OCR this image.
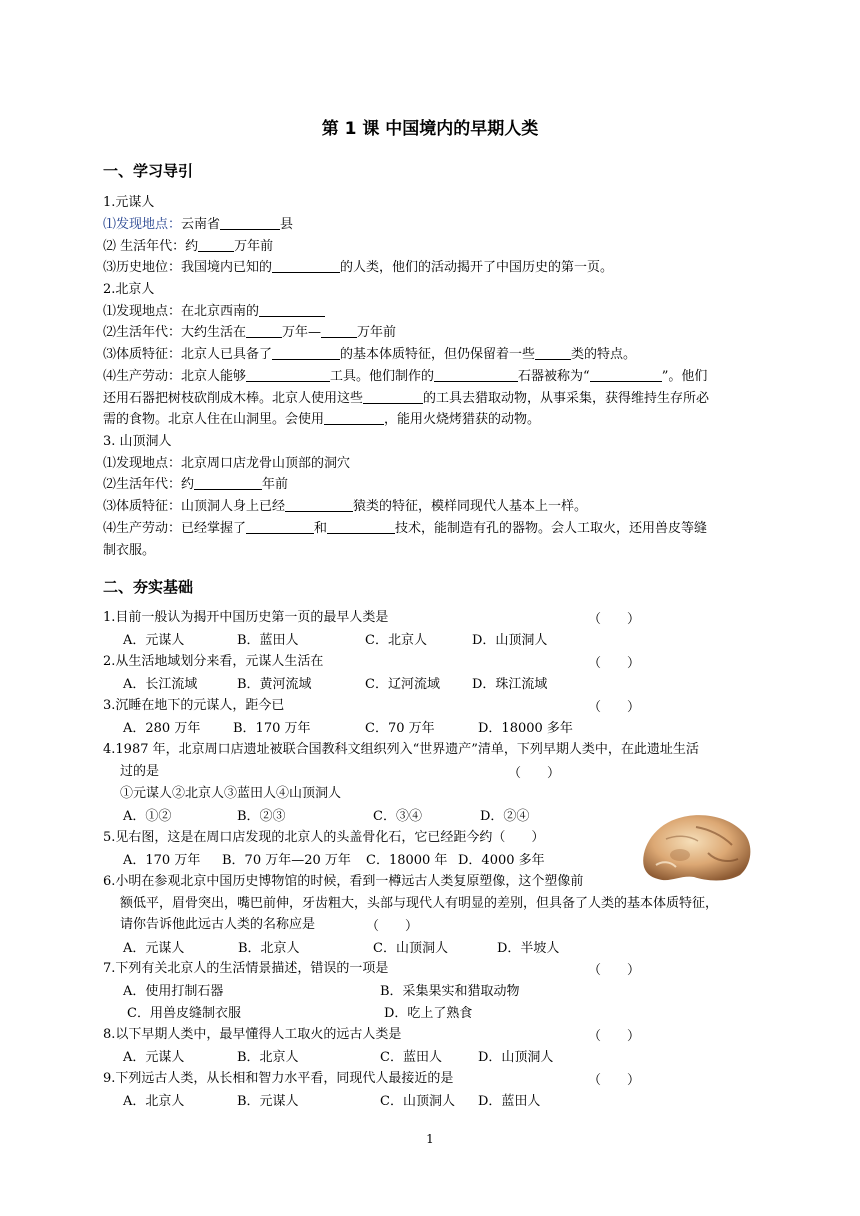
第 1 课 中国境内的早期人类
一、学习导引
1.元谋人
⑴发现地点：云南省	县
⑵ 生活年代：约	万年前
⑶历史地位：我国境内已知的	的人类，他们的活动揭开了中国历史的第一页。
2.北京人
⑴发现地点：在北京西南的
⑵生活年代：大约生活在	万年—	万年前
⑶体质特征：北京人已具备了	的基本体质特征，但仍保留着一些	类的特点。
⑷生产劳动：北京人能够	工具。他们制作的	石器被称为“	”。他们
还用石器把树枝砍削成木棒。北京人使用这些	的工具去猎取动物，从事采集，获得维持生存所必
需的食物。北京人住在山洞里。会使用	，能用火烧烤猎获的动物。
3. 山顶洞人
⑴发现地点：北京周口店龙骨山顶部的洞穴
⑵生活年代：约	年前
⑶体质特征：山顶洞人身上已经	猿类的特征，模样同现代人基本上一样。
⑷生产劳动：已经掌握了	和	技术，能制造有孔的器物。会人工取火，还用兽皮等缝
制衣服。
二、夯实基础
1.目前一般认为揭开中国历史第一页的最早人类是	（　　）
A．元谋人	B．蓝田人	C．北京人	D．山顶洞人
2.从生活地域划分来看，元谋人生活在	（　　）
A．长江流域	B．黄河流域	C．辽河流域 D．珠江流域
3.沉睡在地下的元谋人，距今已	（　　）
A．280 万年	B．170 万年	C．70 万年	D．18000 多年
4.1987 年，北京周口店遗址被联合国教科文组织列入“世界遗产”清单，下列早期人类中，在此遗址生活
过的是	（　　）
①元谋人②北京人③蓝田人④山顶洞人
A．①②	B．②③	C．③④	D．②④
5.见右图，这是在周口店发现的北京人的头盖骨化石，它已经距今约（　　）
A．170 万年 B．70 万年—20 万年 C．18000 年 D．4000 多年
6.小明在参观北京中国历史博物馆的时候，看到一樽远古人类复原塑像，这个塑像前
额低平，眉骨突出，嘴巴前伸，牙齿粗大，头部与现代人有明显的差别，但具备了人类的基本体质特征，
请你告诉他此远古人类的名称应是	（　　）
A．元谋人	B．北京人	C．山顶洞人	D．半坡人
7.下列有关北京人的生活情景描述，错误的一项是	（　　）
A．使用打制石器	B．采集果实和猎取动物
C．用兽皮缝制衣服	D．吃上了熟食
8.以下早期人类中，最早懂得人工取火的远古人类是	（　　）
A．元谋人	B．北京人	C．蓝田人	D．山顶洞人
9.下列远古人类，从长相和智力水平看，同现代人最接近的是	（　　）
A．北京人	B．元谋人	C．山顶洞人 D．蓝田人
1
